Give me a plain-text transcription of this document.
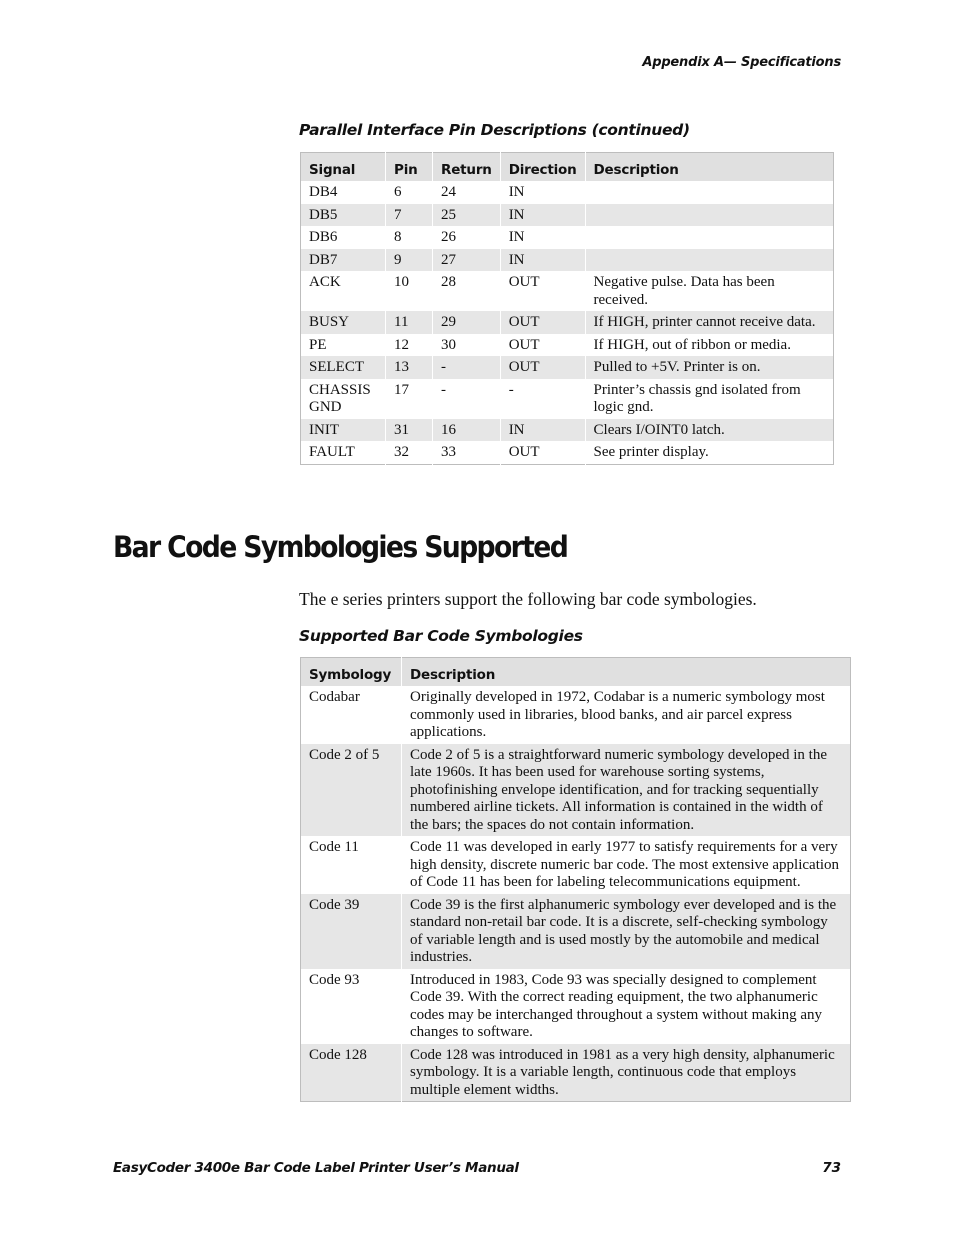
Appendix A— Specifications
Parallel Interface Pin Descriptions (continued)
Signal	Pin	Return	Direction	Description
DB4	6	24	IN	
DB5	7	25	IN	
DB6	8	26	IN	
DB7	9	27	IN	
ACK	10	28	OUT	Negative pulse. Data has been received.
BUSY	11	29	OUT	If HIGH, printer cannot receive data.
PE	12	30	OUT	If HIGH, out of ribbon or media.
SELECT	13	-	OUT	Pulled to +5V. Printer is on.
CHASSIS GND	17	-	-	Printer’s chassis gnd isolated from logic gnd.
INIT	31	16	IN	Clears I/OINT0 latch.
FAULT	32	33	OUT	See printer display.
Bar Code Symbologies Supported
The e series printers support the following bar code symbologies.
Supported Bar Code Symbologies
Symbology	Description
Codabar	Originally developed in 1972, Codabar is a numeric symbology most commonly used in libraries, blood banks, and air parcel express applications.
Code 2 of 5	Code 2 of 5 is a straightforward numeric symbology developed in the late 1960s. It has been used for warehouse sorting systems, photofinishing envelope identification, and for tracking sequentially numbered airline tickets. All information is contained in the width of the bars; the spaces do not contain information.
Code 11	Code 11 was developed in early 1977 to satisfy requirements for a very high density, discrete numeric bar code. The most extensive application of Code 11 has been for labeling telecommunications equipment.
Code 39	Code 39 is the first alphanumeric symbology ever developed and is the standard non-retail bar code. It is a discrete, self-checking symbology of variable length and is used mostly by the automobile and medical industries.
Code 93	Introduced in 1983, Code 93 was specially designed to complement Code 39. With the correct reading equipment, the two alphanumeric codes may be interchanged throughout a system without making any changes to software.
Code 128	Code 128 was introduced in 1981 as a very high density, alphanumeric symbology. It is a variable length, continuous code that employs multiple element widths.
EasyCoder 3400e Bar Code Label Printer User’s Manual	73
